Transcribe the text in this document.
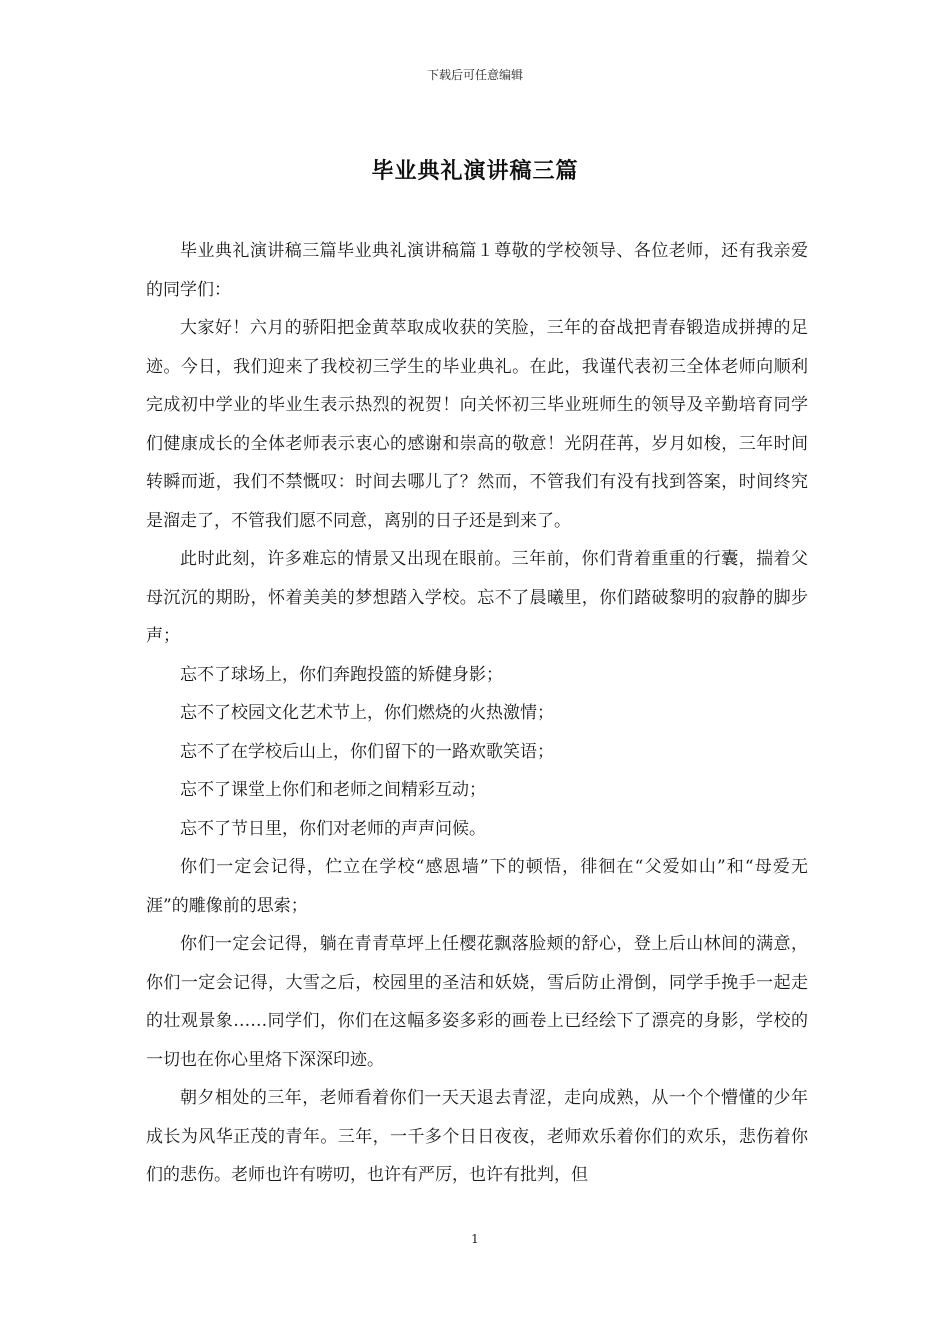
下载后可任意编辑
毕业典礼演讲稿三篇

毕业典礼演讲稿三篇毕业典礼演讲稿篇１尊敬的学校领导、各位老师，还有我亲爱的同学们：

大家好！六月的骄阳把金黄萃取成收获的笑脸，三年的奋战把青春锻造成拼搏的足迹。今日，我们迎来了我校初三学生的毕业典礼。在此，我谨代表初三全体老师向顺利完成初中学业的毕业生表示热烈的祝贺！向关怀初三毕业班师生的领导及辛勤培育同学们健康成长的全体老师表示衷心的感谢和崇高的敬意！光阴荏苒，岁月如梭，三年时间转瞬而逝，我们不禁慨叹：时间去哪儿了？然而，不管我们有没有找到答案，时间终究是溜走了，不管我们愿不同意，离别的日子还是到来了。

此时此刻，许多难忘的情景又出现在眼前。三年前，你们背着重重的行囊，揣着父母沉沉的期盼，怀着美美的梦想踏入学校。忘不了晨曦里，你们踏破黎明的寂静的脚步声；

忘不了球场上，你们奔跑投篮的矫健身影；

忘不了校园文化艺术节上，你们燃烧的火热激情；

忘不了在学校后山上，你们留下的一路欢歌笑语；

忘不了课堂上你们和老师之间精彩互动；

忘不了节日里，你们对老师的声声问候。

你们一定会记得，伫立在学校“感恩墙”下的顿悟，徘徊在“父爱如山”和“母爱无涯”的雕像前的思索；

你们一定会记得，躺在青青草坪上任樱花飘落脸颊的舒心，登上后山林间的满意，你们一定会记得，大雪之后，校园里的圣洁和妖娆，雪后防止滑倒，同学手挽手一起走的壮观景象……同学们，你们在这幅多姿多彩的画卷上已经绘下了漂亮的身影，学校的一切也在你心里烙下深深印迹。

朝夕相处的三年，老师看着你们一天天退去青涩，走向成熟，从一个个懵懂的少年成长为风华正茂的青年。三年，一千多个日日夜夜，老师欢乐着你们的欢乐，悲伤着你们的悲伤。老师也许有唠叨，也许有严厉，也许有批判，但

1
